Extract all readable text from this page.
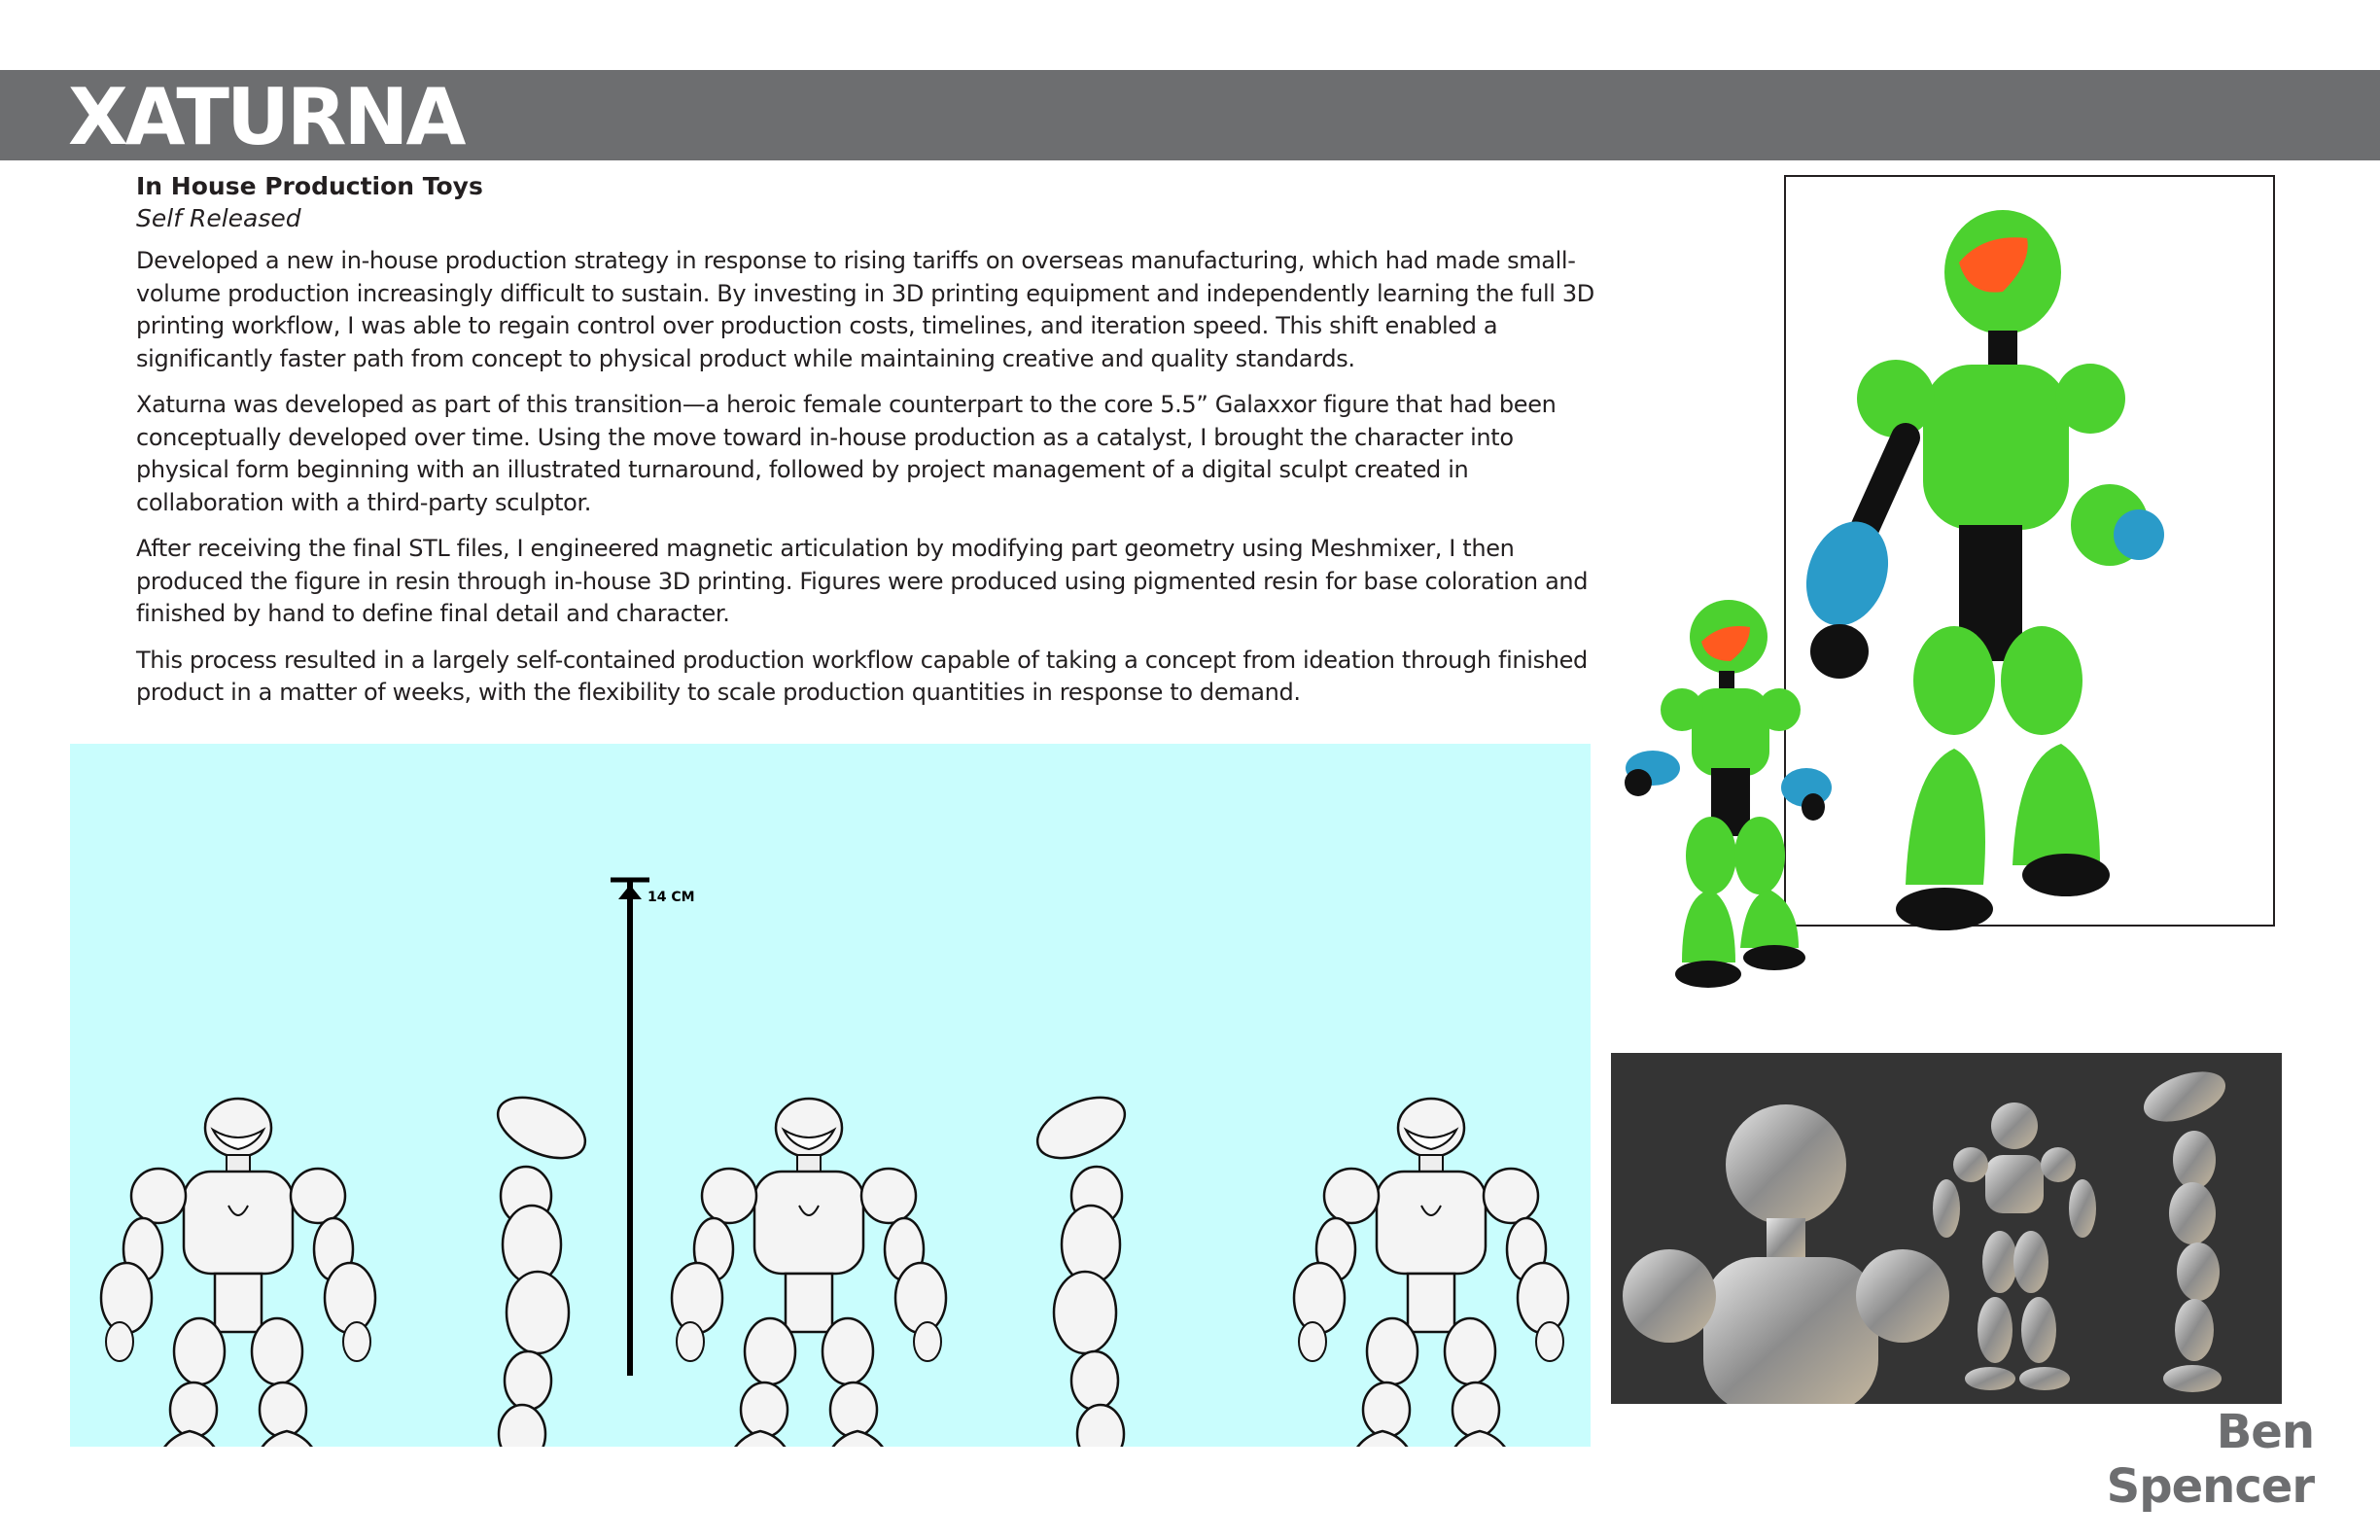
XATURNA

In House Production Toys

Self Released

Developed a new in-house production strategy in response to rising tariffs on overseas manufacturing, which had made small-volume production increasingly difficult to sustain. By investing in 3D printing equipment and independently learning the full 3D printing workflow, I was able to regain control over production costs, timelines, and iteration speed. This shift enabled a significantly faster path from concept to physical product while maintaining creative and quality standards.

Xaturna was developed as part of this transition—a heroic female counterpart to the core 5.5” Galaxxor figure that had been conceptually developed over time. Using the move toward in-house production as a catalyst, I brought the character into physical form beginning with an illustrated turnaround, followed by project management of a digital sculpt created in collaboration with a third-party sculptor.

After receiving the final STL files, I engineered magnetic articulation by modifying part geometry using Meshmixer, I then produced the figure in resin through in-house 3D printing. Figures were produced using pigmented resin for base coloration and finished by hand to define final detail and character.

This process resulted in a largely self-contained production workflow capable of taking a concept from ideation through finished product in a matter of weeks, with the flexibility to scale production quantities in response to demand.

14 CM
Ben Spencer
